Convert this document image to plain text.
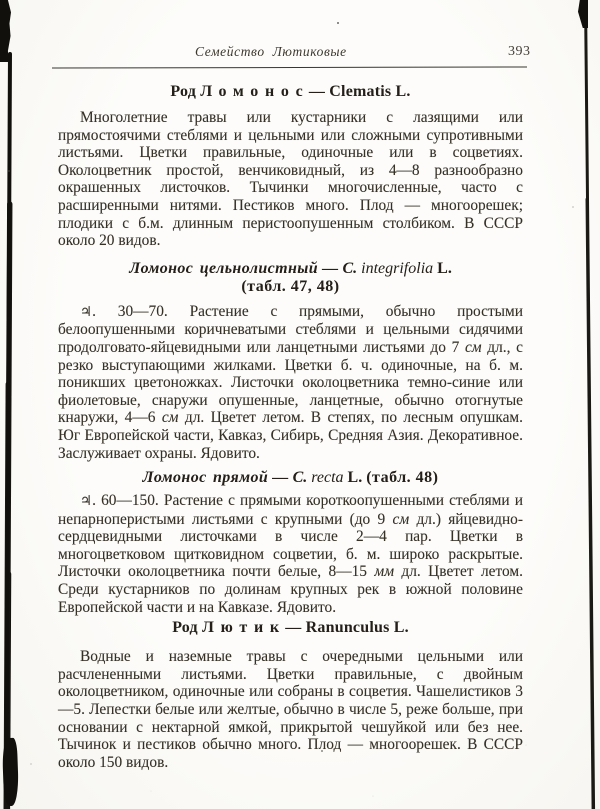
Семейство Лютиковые	393
Род Ломонос — Clematis L.

Многолетние травы или кустарники с лазящими или прямостоячими стеблями и цельными или сложными супротивными листьями. Цветки правильные, одиночные или в соцветиях. Околоцветник простой, венчиковидный, из 4—8 разнообразно окрашенных листочков. Тычинки многочисленные, часто с расширенными нитями. Пестиков много. Плод — многоорешек; плодики с б.м. длинным перистоопушенным столбиком. В СССР около 20 видов.

Ломонос цельнолистный — C. integrifolia L.
(табл. 47, 48)

♃. 30—70. Растение с прямыми, обычно простыми белоопушенными коричневатыми стеблями и цельными сидячими продолговато-яйцевидными или ланцетными листьями до 7 см дл., с резко выступающими жилками. Цветки б. ч. одиночные, на б. м. поникших цветоножках. Листочки околоцветника темно-синие или фиолетовые, снаружи опушенные, ланцетные, обычно отогнутые кнаружи, 4—6 см дл. Цветет летом. В степях, по лесным опушкам. Юг Европейской части, Кавказ, Сибирь, Средняя Азия. Декоративное. Заслуживает охраны. Ядовито.

Ломонос прямой — C. recta L. (табл. 48)

♃. 60—150. Растение с прямыми короткоопушенными стеблями и непарноперистыми листьями с крупными (до 9 см дл.) яйцевидно-сердцевидными листочками в числе 2—4 пар. Цветки в многоцветковом щитковидном соцветии, б. м. широко раскрытые. Листочки околоцветника почти белые, 8—15 мм дл. Цветет летом. Среди кустарников по долинам крупных рек в южной половине Европейской части и на Кавказе. Ядовито.

Род Лютик — Ranunculus L.

Водные и наземные травы с очередными цельными или расчлененными листьями. Цветки правильные, с двойным околоцветником, одиночные или собраны в соцветия. Чашелистиков 3—5. Лепестки белые или желтые, обычно в числе 5, реже больше, при основании с нектарной ямкой, прикрытой чешуйкой или без нее. Тычинок и пестиков обычно много. Плод — многоорешек. В СССР около 150 видов.
